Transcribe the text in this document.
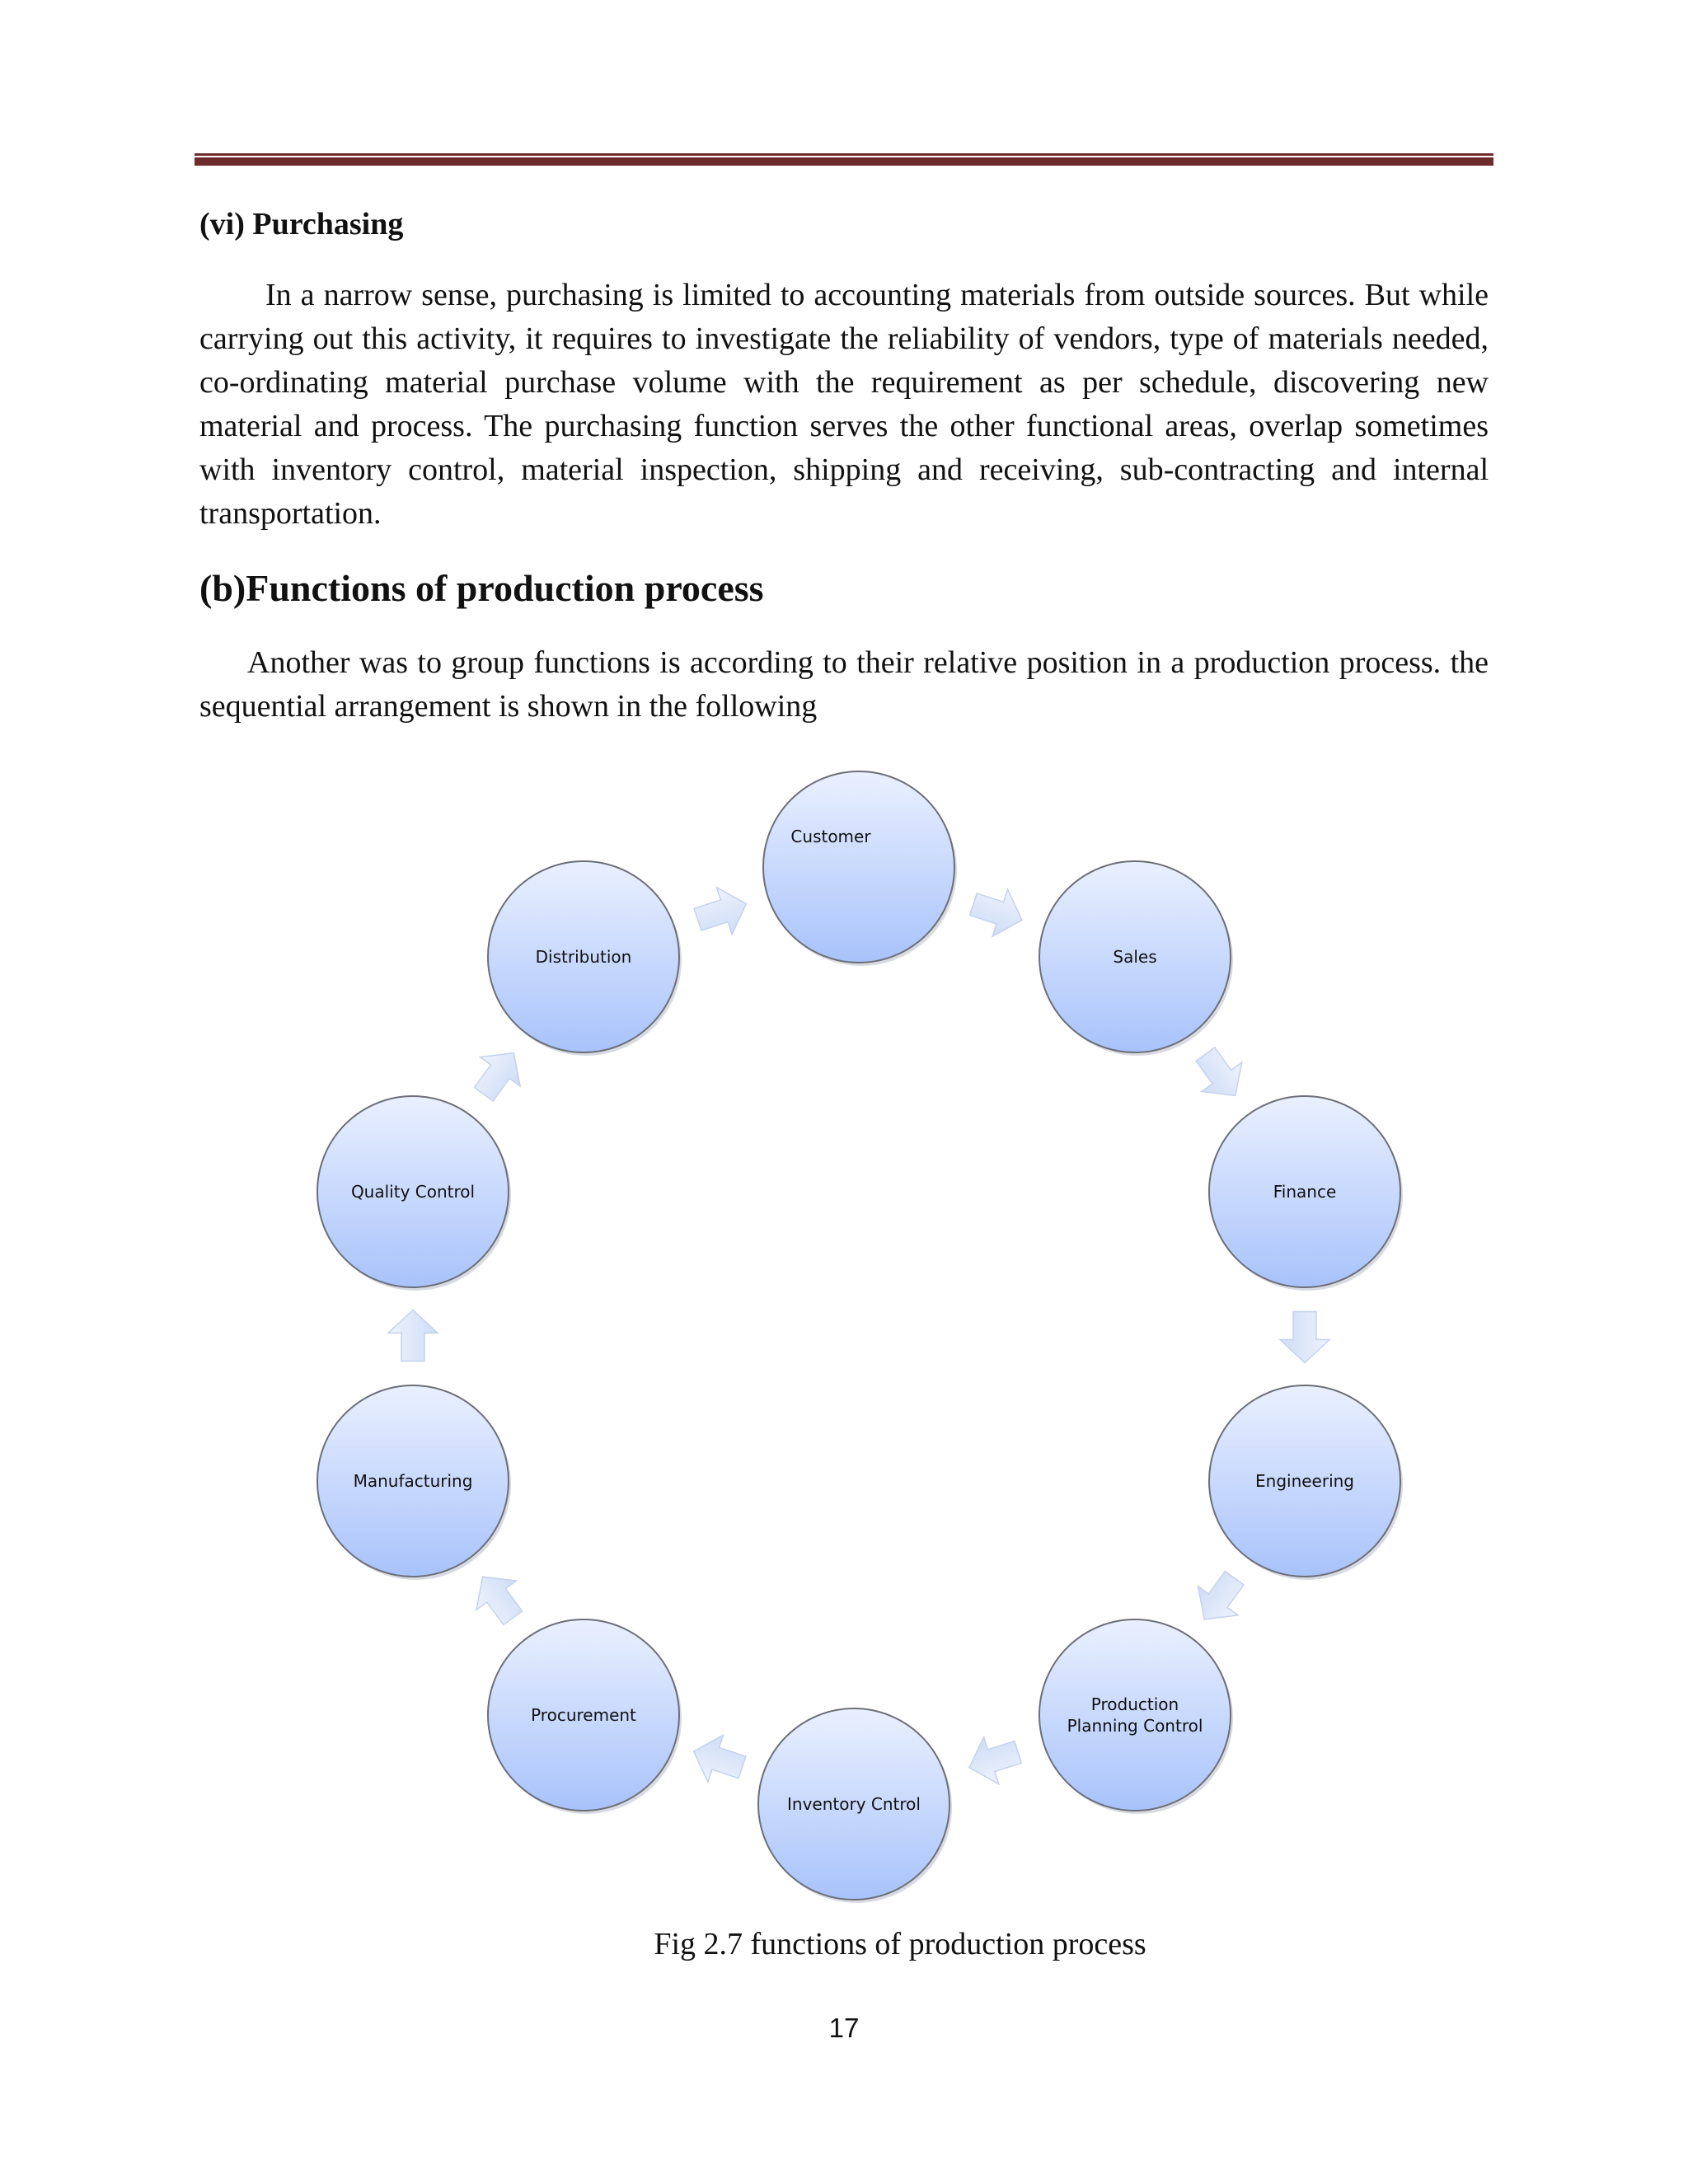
(vi) Purchasing
In a narrow sense, purchasing is limited to accounting materials from outside sources. But while carrying out this activity, it requires to investigate the reliability of vendors, type of materials needed, co-ordinating material purchase volume with the requirement as per schedule, discovering new material and process. The purchasing function serves the other functional areas, overlap sometimes with inventory control, material inspection, shipping and receiving, sub-contracting and internal transportation.
(b)Functions of production process
Another was to group functions is according to their relative position in a production process. the sequential arrangement is shown in the following
Customer
Sales
Finance
Engineering
Production Planning Control
Inventory Cntrol
Procurement
Manufacturing
Quality Control
Distribution
Fig 2.7 functions of production process
17
